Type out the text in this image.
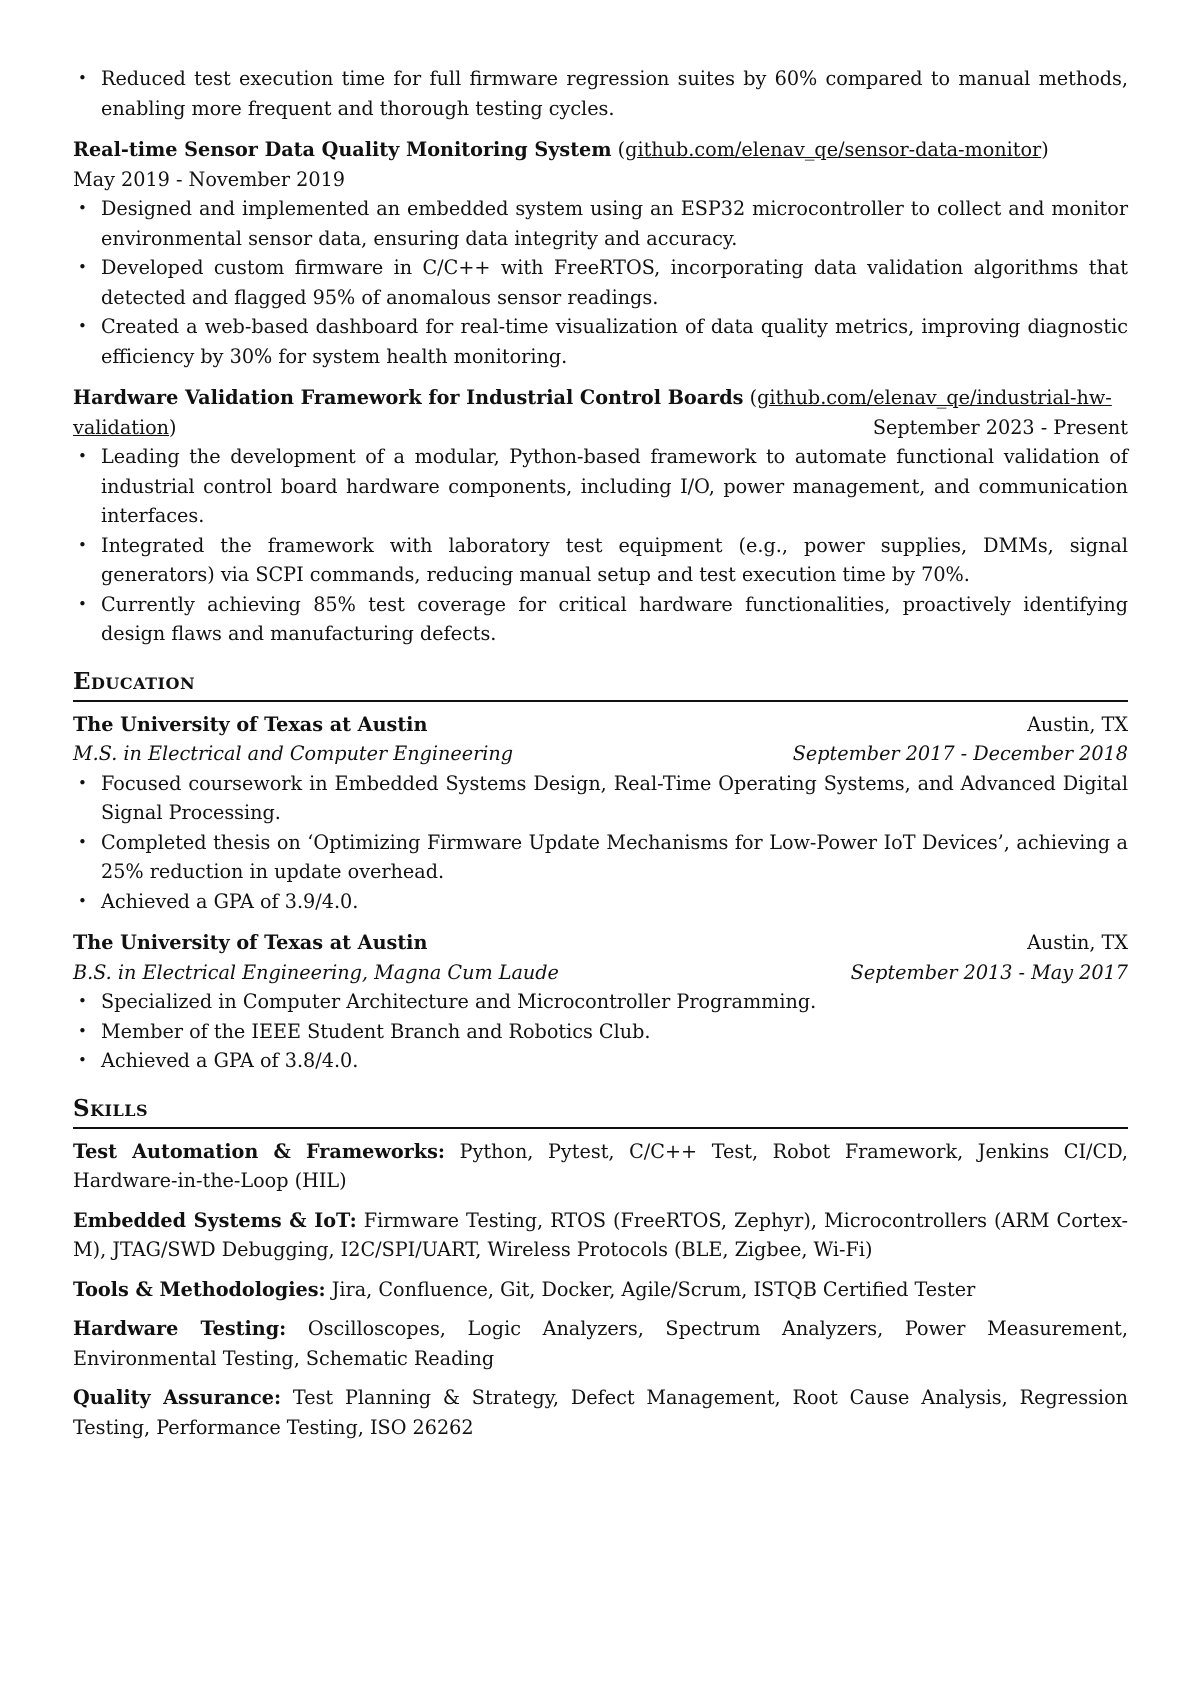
• Reduced test execution time for full firmware regression suites by 60% compared to manual methods, enabling more frequent and thorough testing cycles.
Real-time Sensor Data Quality Monitoring System (github.com/elenav_qe/sensor-data-monitor)
May 2019 - November 2019
• Designed and implemented an embedded system using an ESP32 microcontroller to collect and monitor environmental sensor data, ensuring data integrity and accuracy.
• Developed custom firmware in C/C++ with FreeRTOS, incorporating data validation algorithms that detected and flagged 95% of anomalous sensor readings.
• Created a web-based dashboard for real-time visualization of data quality metrics, improving diagnostic efficiency by 30% for system health monitoring.
Hardware Validation Framework for Industrial Control Boards (github.com/elenav_qe/industrial-hw-validation)	September 2023 - Present
• Leading the development of a modular, Python-based framework to automate functional validation of industrial control board hardware components, including I/O, power management, and communication interfaces.
• Integrated the framework with laboratory test equipment (e.g., power supplies, DMMs, signal generators) via SCPI commands, reducing manual setup and test execution time by 70%.
• Currently achieving 85% test coverage for critical hardware functionalities, proactively identifying design flaws and manufacturing defects.
Education
The University of Texas at Austin	Austin, TX
M.S. in Electrical and Computer Engineering	September 2017 - December 2018
• Focused coursework in Embedded Systems Design, Real-Time Operating Systems, and Advanced Digital Signal Processing.
• Completed thesis on ‘Optimizing Firmware Update Mechanisms for Low-Power IoT Devices’, achieving a 25% reduction in update overhead.
• Achieved a GPA of 3.9/4.0.
The University of Texas at Austin	Austin, TX
B.S. in Electrical Engineering, Magna Cum Laude	September 2013 - May 2017
• Specialized in Computer Architecture and Microcontroller Programming.
• Member of the IEEE Student Branch and Robotics Club.
• Achieved a GPA of 3.8/4.0.
Skills
Test Automation & Frameworks: Python, Pytest, C/C++ Test, Robot Framework, Jenkins CI/CD, Hardware-in-the-Loop (HIL)
Embedded Systems & IoT: Firmware Testing, RTOS (FreeRTOS, Zephyr), Microcontrollers (ARM Cortex-M), JTAG/SWD Debugging, I2C/SPI/UART, Wireless Protocols (BLE, Zigbee, Wi-Fi)
Tools & Methodologies: Jira, Confluence, Git, Docker, Agile/Scrum, ISTQB Certified Tester
Hardware Testing: Oscilloscopes, Logic Analyzers, Spectrum Analyzers, Power Measurement, Environmental Testing, Schematic Reading
Quality Assurance: Test Planning & Strategy, Defect Management, Root Cause Analysis, Regression Testing, Performance Testing, ISO 26262
